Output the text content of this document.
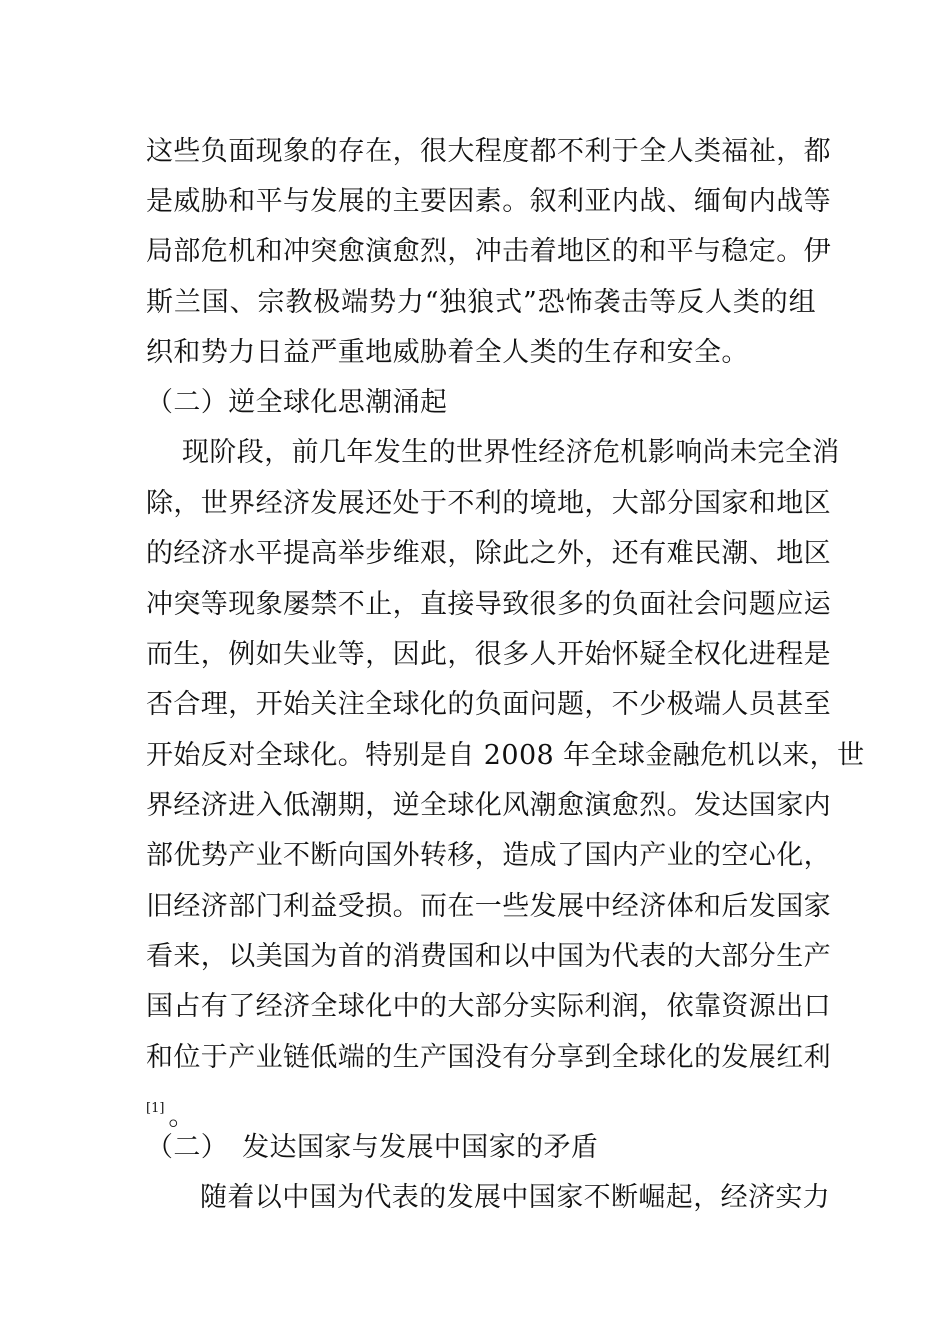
这些负面现象的存在，很大程度都不利于全人类福祉，都
是威胁和平与发展的主要因素。叙利亚内战、缅甸内战等
局部危机和冲突愈演愈烈，冲击着地区的和平与稳定。伊
斯兰国、宗教极端势力“独狼式”恐怖袭击等反人类的组
织和势力日益严重地威胁着全人类的生存和安全。
（二）逆全球化思潮涌起
现阶段，前几年发生的世界性经济危机影响尚未完全消
除，世界经济发展还处于不利的境地，大部分国家和地区
的经济水平提高举步维艰，除此之外，还有难民潮、地区
冲突等现象屡禁不止，直接导致很多的负面社会问题应运
而生，例如失业等，因此，很多人开始怀疑全权化进程是
否合理，开始关注全球化的负面问题，不少极端人员甚至
开始反对全球化。特别是自 2008 年全球金融危机以来，世
界经济进入低潮期，逆全球化风潮愈演愈烈。发达国家内
部优势产业不断向国外转移，造成了国内产业的空心化，
旧经济部门利益受损。而在一些发展中经济体和后发国家
看来，以美国为首的消费国和以中国为代表的大部分生产
国占有了经济全球化中的大部分实际利润，依靠资源出口
和位于产业链低端的生产国没有分享到全球化的发展红利
[1] 。
（二）　发达国家与发展中国家的矛盾
随着以中国为代表的发展中国家不断崛起，经济实力
